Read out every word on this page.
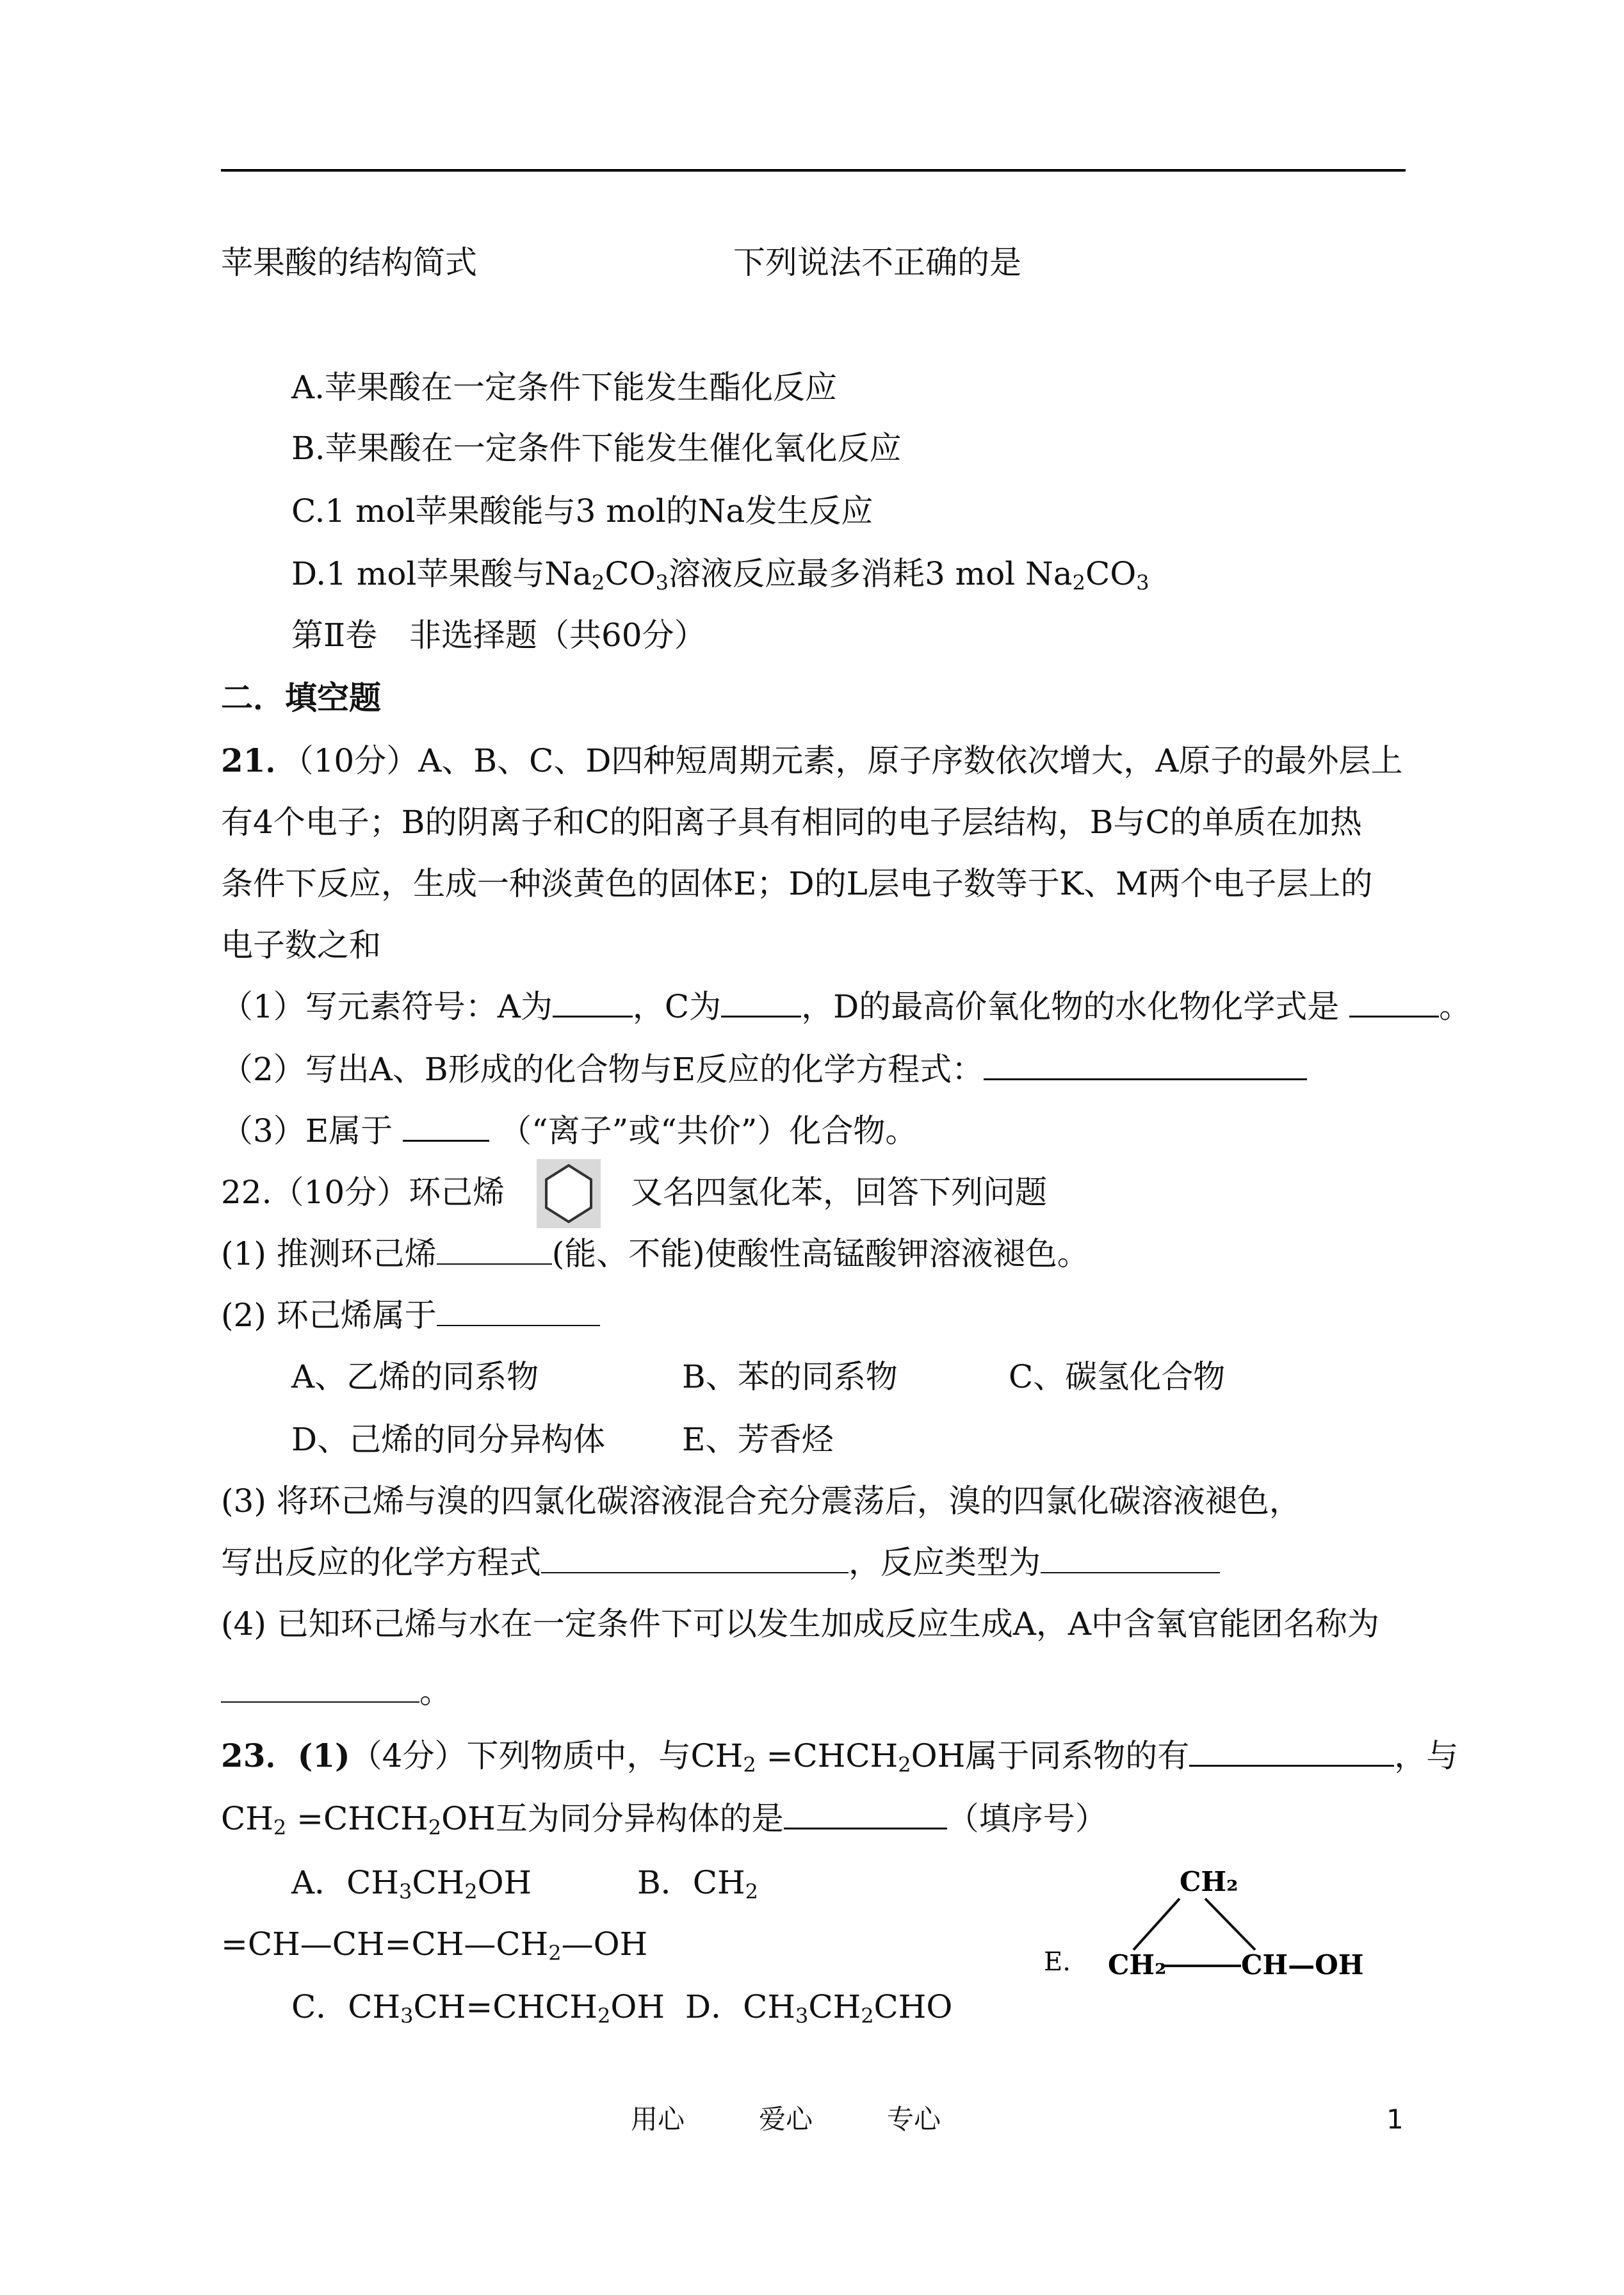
苹果酸的结构简式	下列说法不正确的是
A.苹果酸在一定条件下能发生酯化反应
B.苹果酸在一定条件下能发生催化氧化反应
C.1 mol苹果酸能与3 mol的Na发生反应
D.1 mol苹果酸与$Na_2CO_3$溶液反应最多消耗3 mol $Na_2CO_3$
第Ⅱ卷　非选择题（共60分）
二．填空题
21．（10分）A、B、C、D四种短周期元素，原子序数依次增大，A原子的最外层上
有4个电子；B的阴离子和C的阳离子具有相同的电子层结构，B与C的单质在加热
条件下反应，生成一种淡黄色的固体E；D的L层电子数等于K、M两个电子层上的
电子数之和
（1）写元素符号：A为	，C为	，D的最高价氧化物的水化物化学式是	。
（2）写出A、B形成的化合物与E反应的化学方程式：
（3）E属于	（“离子”或“共价”）化合物。
22.（10分）环己烯	又名四氢化苯，回答下列问题
(1) 推测环己烯	(能、不能)使酸性高锰酸钾溶液褪色。
(2) 环己烯属于
A、乙烯的同系物	B、苯的同系物	C、碳氢化合物
D、己烯的同分异构体 E、芳香烃
(3) 将环己烯与溴的四氯化碳溶液混合充分震荡后，溴的四氯化碳溶液褪色，
写出反应的化学方程式	，反应类型为
(4) 已知环己烯与水在一定条件下可以发生加成反应生成A，A中含氧官能团名称为
。
23．(1)（4分）下列物质中，与$CH_2$ $=CHCH_2OH$属于同系物的有	，与
$CH_2$ $=CHCH_2OH$互为同分异构体的是	（填序号）
A．$CH_3CH_2OH$	B．$CH_2$
$=CH—CH=CH—CH_2—OH$
C．$CH_3CH=CHCH_2OH$ D．$CH_3CH_2CHO$
E.
CH₂
CH₂	CH—OH
用心	爱心	专心	1
